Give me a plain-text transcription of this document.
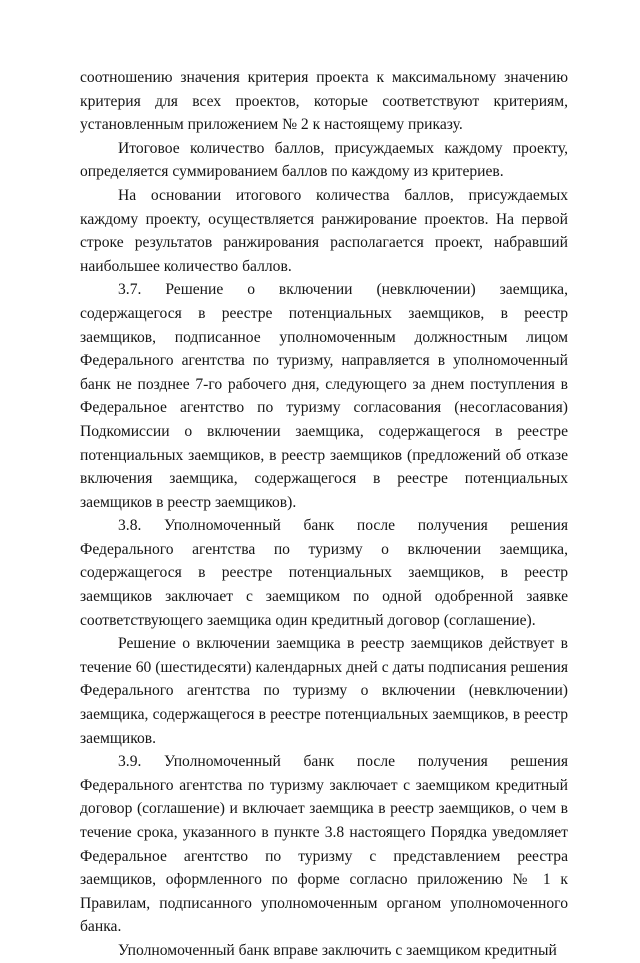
соотношению значения критерия проекта к максимальному значению критерия для всех проектов, которые соответствуют критериям, установленным приложением № 2 к настоящему приказу.

Итоговое количество баллов, присуждаемых каждому проекту, определяется суммированием баллов по каждому из критериев.

На основании итогового количества баллов, присуждаемых каждому проекту, осуществляется ранжирование проектов. На первой строке результатов ранжирования располагается проект, набравший наибольшее количество баллов.

3.7. Решение о включении (невключении) заемщика, содержащегося в реестре потенциальных заемщиков, в реестр заемщиков, подписанное уполномоченным должностным лицом Федерального агентства по туризму, направляется в уполномоченный банк не позднее 7-го рабочего дня, следующего за днем поступления в Федеральное агентство по туризму согласования (несогласования) Подкомиссии о включении заемщика, содержащегося в реестре потенциальных заемщиков, в реестр заемщиков (предложений об отказе включения заемщика, содержащегося в реестре потенциальных заемщиков в реестр заемщиков).

3.8. Уполномоченный банк после получения решения Федерального агентства по туризму о включении заемщика, содержащегося в реестре потенциальных заемщиков, в реестр заемщиков заключает с заемщиком по одной одобренной заявке соответствующего заемщика один кредитный договор (соглашение).

Решение о включении заемщика в реестр заемщиков действует в течение 60 (шестидесяти) календарных дней с даты подписания решения Федерального агентства по туризму о включении (невключении) заемщика, содержащегося в реестре потенциальных заемщиков, в реестр заемщиков.

3.9. Уполномоченный банк после получения решения Федерального агентства по туризму заключает с заемщиком кредитный договор (соглашение) и включает заемщика в реестр заемщиков, о чем в течение срока, указанного в пункте 3.8 настоящего Порядка уведомляет Федеральное агентство по туризму с представлением реестра заемщиков, оформленного по форме согласно приложению № 1 к Правилам, подписанного уполномоченным органом уполномоченного банка.

Уполномоченный банк вправе заключить с заемщиком кредитный
